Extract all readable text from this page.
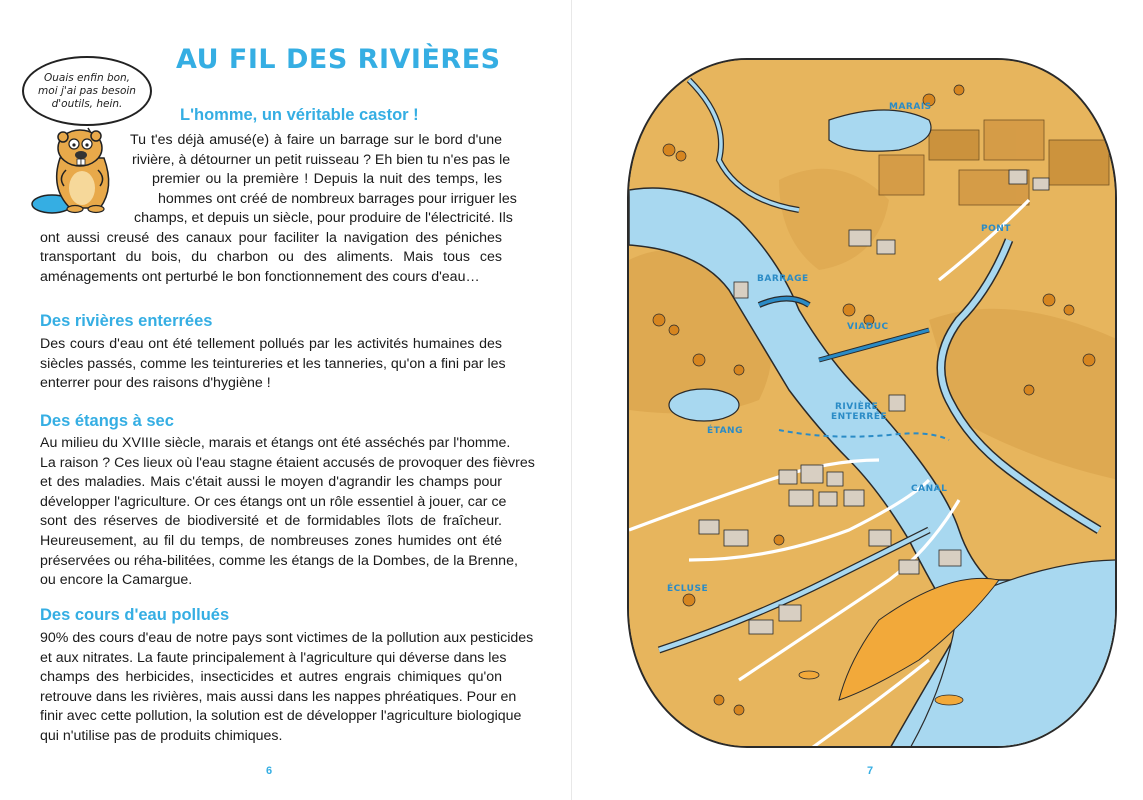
AU FIL DES RIVIÈRES
Ouais enfin bon,
moi j'ai pas besoin
d'outils, hein.
L'homme, un véritable castor !
Tu t'es déjà amusé(e) à faire un barrage sur le bord d'une
rivière, à détourner un petit ruisseau ? Eh bien tu n'es pas le
premier ou la première ! Depuis la nuit des temps, les
hommes ont créé de nombreux barrages pour irriguer les
champs, et depuis un siècle, pour produire de l'électricité. Ils
ont aussi creusé des canaux pour faciliter la navigation des péniches
transportant du bois, du charbon ou des aliments. Mais tous ces
aménagements ont perturbé le bon fonctionnement des cours d'eau…
Des rivières enterrées
Des cours d'eau ont été tellement pollués par les activités humaines des
siècles passés, comme les teintureries et les tanneries, qu'on a fini par les
enterrer pour des raisons d'hygiène !
Des étangs à sec
Au milieu du XVIIIe siècle, marais et étangs ont été asséchés par l'homme.
La raison ? Ces lieux où l'eau stagne étaient accusés de provoquer des fièvres
et des maladies. Mais c'était aussi le moyen d'agrandir les champs pour
développer l'agriculture. Or ces étangs ont un rôle essentiel à jouer, car ce
sont des réserves de biodiversité et de formidables îlots de fraîcheur.
Heureusement, au fil du temps, de nombreuses zones humides ont été
préservées ou réha-bilitées, comme les étangs de la Dombes, de la Brenne,
ou encore la Camargue.
Des cours d'eau pollués
90% des cours d'eau de notre pays sont victimes de la pollution aux pesticides
et aux nitrates. La faute principalement à l'agriculture qui déverse dans les
champs des herbicides, insecticides et autres engrais chimiques qu'on
retrouve dans les rivières, mais aussi dans les nappes phréatiques. Pour en
finir avec cette pollution, la solution est de développer l'agriculture biologique
qui n'utilise pas de produits chimiques.
6	7
MARAIS
PONT
BARRAGE
VIADUC
RIVIÈRE
ENTERRÉE
ÉTANG
CANAL
ÉCLUSE
